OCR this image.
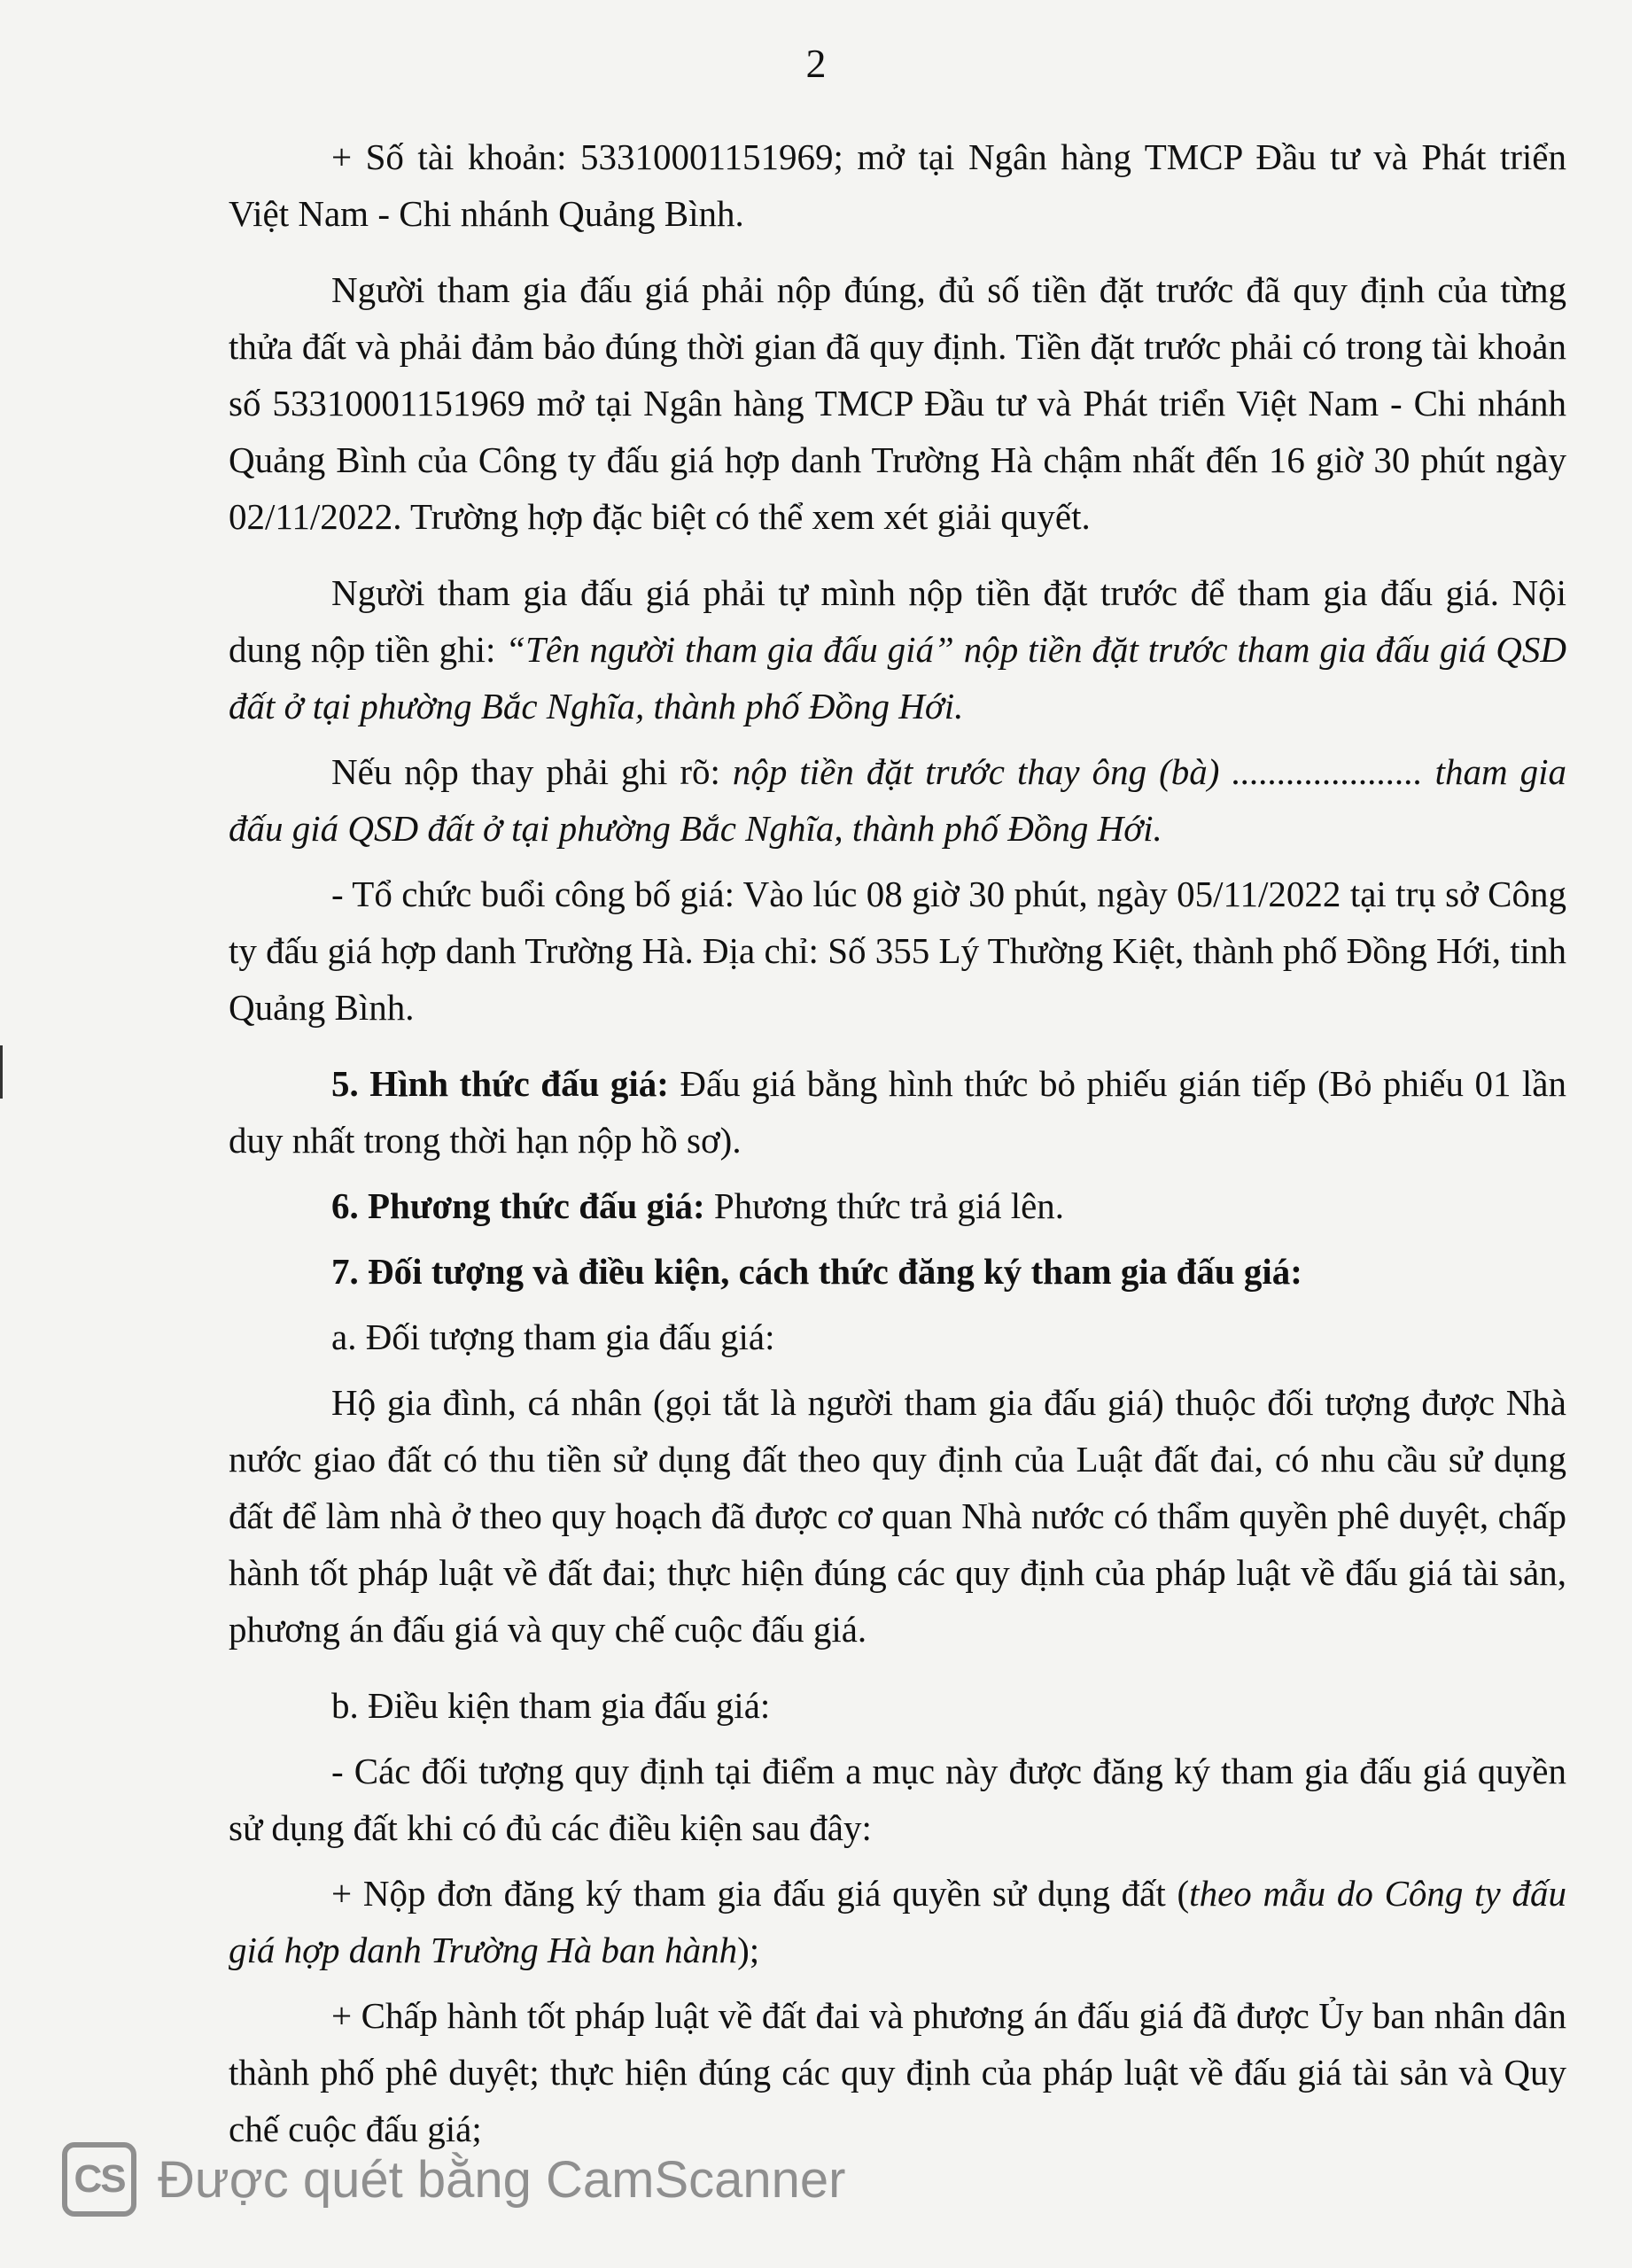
2

+ Số tài khoản: 53310001151969; mở tại Ngân hàng TMCP Đầu tư và Phát triển Việt Nam - Chi nhánh Quảng Bình.

Người tham gia đấu giá phải nộp đúng, đủ số tiền đặt trước đã quy định của từng thửa đất và phải đảm bảo đúng thời gian đã quy định. Tiền đặt trước phải có trong tài khoản số 53310001151969 mở tại Ngân hàng TMCP Đầu tư và Phát triển Việt Nam - Chi nhánh Quảng Bình của Công ty đấu giá hợp danh Trường Hà chậm nhất đến 16 giờ 30 phút ngày 02/11/2022. Trường hợp đặc biệt có thể xem xét giải quyết.

Người tham gia đấu giá phải tự mình nộp tiền đặt trước để tham gia đấu giá. Nội dung nộp tiền ghi: “Tên người tham gia đấu giá” nộp tiền đặt trước tham gia đấu giá QSD đất ở tại phường Bắc Nghĩa, thành phố Đồng Hới.

Nếu nộp thay phải ghi rõ: nộp tiền đặt trước thay ông (bà) ..................... tham gia đấu giá QSD đất ở tại phường Bắc Nghĩa, thành phố Đồng Hới.

- Tổ chức buổi công bố giá: Vào lúc 08 giờ 30 phút, ngày 05/11/2022 tại trụ sở Công ty đấu giá hợp danh Trường Hà. Địa chỉ: Số 355 Lý Thường Kiệt, thành phố Đồng Hới, tinh Quảng Bình.

5. Hình thức đấu giá: Đấu giá bằng hình thức bỏ phiếu gián tiếp (Bỏ phiếu 01 lần duy nhất trong thời hạn nộp hồ sơ).

6. Phương thức đấu giá: Phương thức trả giá lên.

7. Đối tượng và điều kiện, cách thức đăng ký tham gia đấu giá:

a. Đối tượng tham gia đấu giá:

Hộ gia đình, cá nhân (gọi tắt là người tham gia đấu giá) thuộc đối tượng được Nhà nước giao đất có thu tiền sử dụng đất theo quy định của Luật đất đai, có nhu cầu sử dụng đất để làm nhà ở theo quy hoạch đã được cơ quan Nhà nước có thẩm quyền phê duyệt, chấp hành tốt pháp luật về đất đai; thực hiện đúng các quy định của pháp luật về đấu giá tài sản, phương án đấu giá và quy chế cuộc đấu giá.

b. Điều kiện tham gia đấu giá:

- Các đối tượng quy định tại điểm a mục này được đăng ký tham gia đấu giá quyền sử dụng đất khi có đủ các điều kiện sau đây:

+ Nộp đơn đăng ký tham gia đấu giá quyền sử dụng đất (theo mẫu do Công ty đấu giá hợp danh Trường Hà ban hành);

+ Chấp hành tốt pháp luật về đất đai và phương án đấu giá đã được Ủy ban nhân dân thành phố phê duyệt; thực hiện đúng các quy định của pháp luật về đấu giá tài sản và Quy chế cuộc đấu giá;

CS Được quét bằng CamScanner
